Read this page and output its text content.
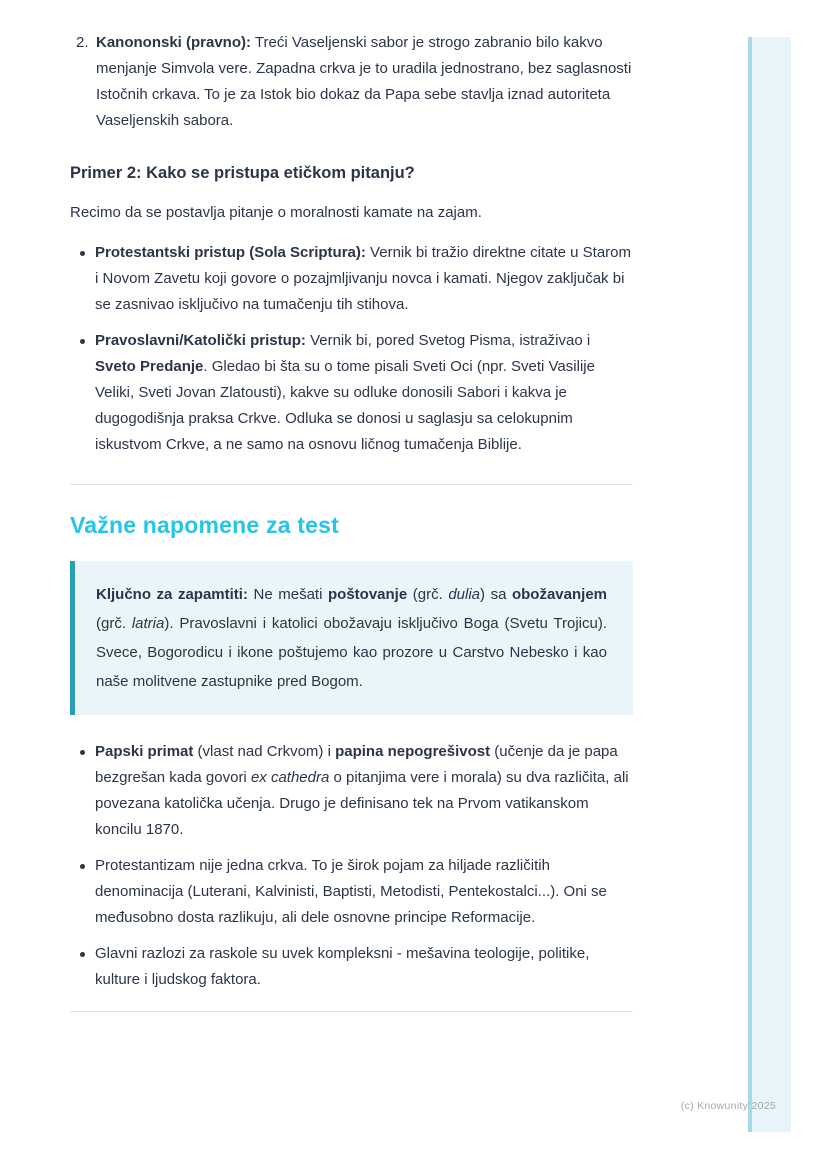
2. Kanononski (pravno): Treći Vaseljenski sabor je strogo zabranio bilo kakvo menjanje Simvola vere. Zapadna crkva je to uradila jednostrano, bez saglasnosti Istočnih crkava. To je za Istok bio dokaz da Papa sebe stavlja iznad autoriteta Vaseljenskih sabora.

Primer 2: Kako se pristupa etičkom pitanju?

Recimo da se postavlja pitanje o moralnosti kamate na zajam.

Protestantski pristup (Sola Scriptura): Vernik bi tražio direktne citate u Starom i Novom Zavetu koji govore o pozajmljivanju novca i kamati. Njegov zaključak bi se zasnivao isključivo na tumačenju tih stihova.

Pravoslavni/Katolički pristup: Vernik bi, pored Svetog Pisma, istraživao i Sveto Predanje. Gledao bi šta su o tome pisali Sveti Oci (npr. Sveti Vasilije Veliki, Sveti Jovan Zlatousti), kakve su odluke donosili Sabori i kakva je dugogodišnja praksa Crkve. Odluka se donosi u saglasju sa celokupnim iskustvom Crkve, a ne samo na osnovu ličnog tumačenja Biblije.

Važne napomene za test

Ključno za zapamtiti: Ne mešati poštovanje (grč. dulia) sa obožavanjem (grč. latria). Pravoslavni i katolici obožavaju isključivo Boga (Svetu Trojicu). Svece, Bogorodicu i ikone poštujemo kao prozore u Carstvo Nebesko i kao naše molitvene zastupnike pred Bogom.

Papski primat (vlast nad Crkvom) i papina nepogrešivost (učenje da je papa bezgrešan kada govori ex cathedra o pitanjima vere i morala) su dva različita, ali povezana katolička učenja. Drugo je definisano tek na Prvom vatikanskom koncilu 1870.

Protestantizam nije jedna crkva. To je širok pojam za hiljade različitih denominacija (Luterani, Kalvinisti, Baptisti, Metodisti, Pentekostalci...). Oni se međusobno dosta razlikuju, ali dele osnovne principe Reformacije.

Glavni razlozi za raskole su uvek kompleksni - mešavina teologije, politike, kulture i ljudskog faktora.

(c) Knowunity 2025
